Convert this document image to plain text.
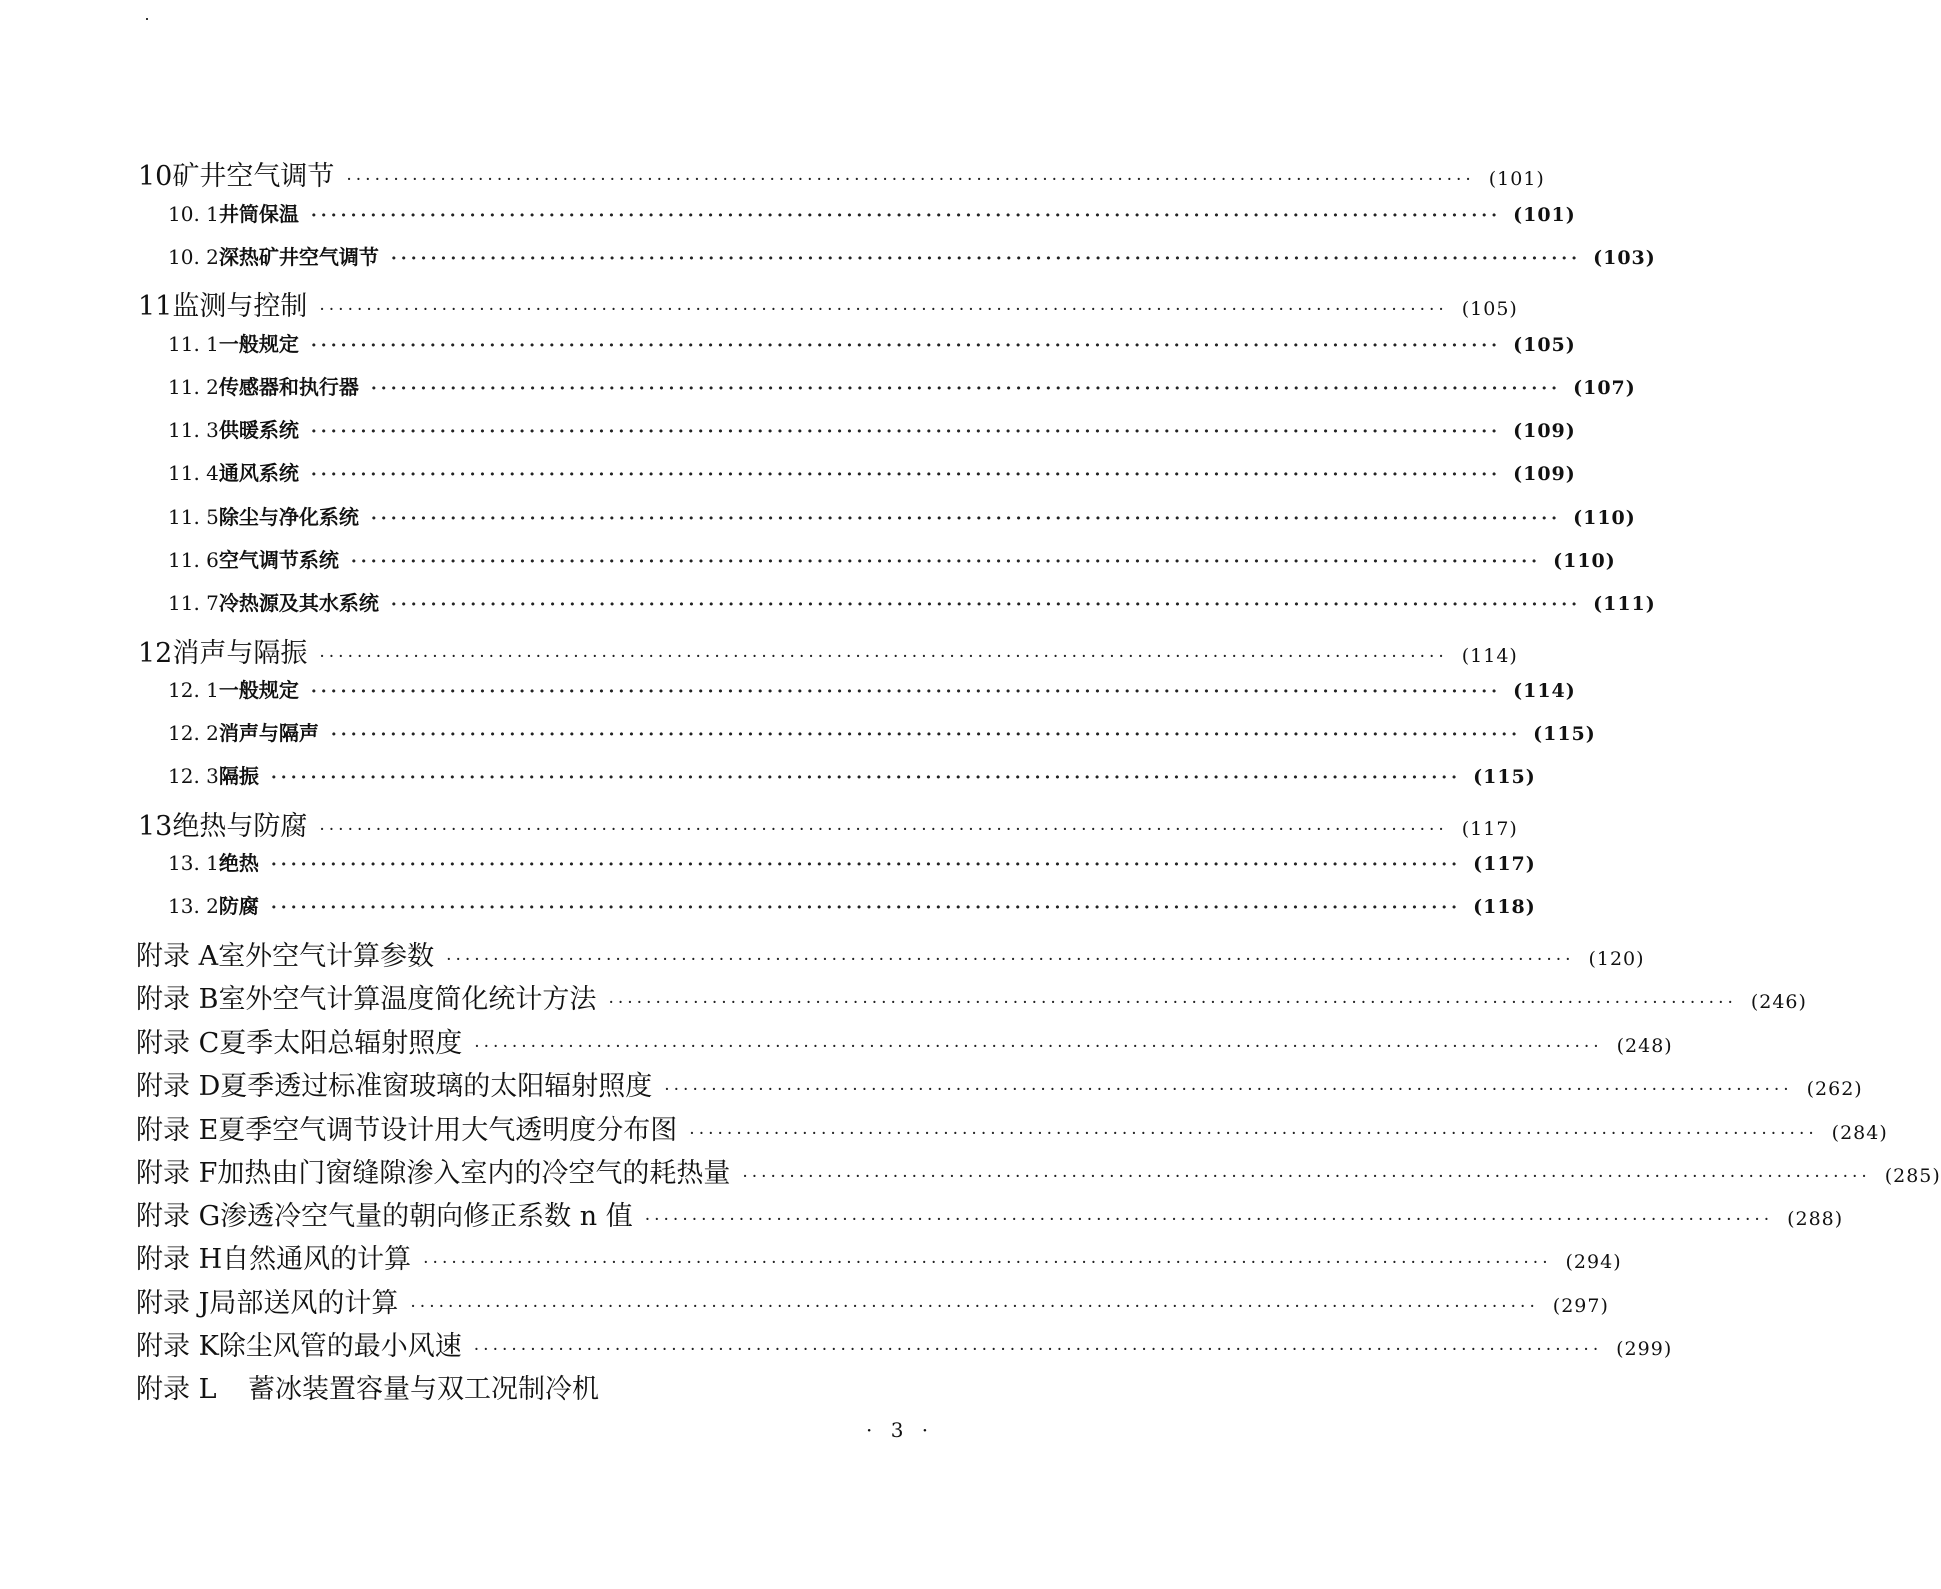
10 矿井空气调节 ························································································································ (101)
10. 1 井筒保温 ························································································································ (101)
10. 2 深热矿井空气调节 ························································································································ (103)
11 监测与控制 ························································································································ (105)
11. 1 一般规定 ························································································································ (105)
11. 2 传感器和执行器 ························································································································ (107)
11. 3 供暖系统 ························································································································ (109)
11. 4 通风系统 ························································································································ (109)
11. 5 除尘与净化系统 ························································································································ (110)
11. 6 空气调节系统 ························································································································ (110)
11. 7 冷热源及其水系统 ························································································································ (111)
12 消声与隔振 ························································································································ (114)
12. 1 一般规定 ························································································································ (114)
12. 2 消声与隔声 ························································································································ (115)
12. 3 隔振 ························································································································ (115)
13 绝热与防腐 ························································································································ (117)
13. 1 绝热 ························································································································ (117)
13. 2 防腐 ························································································································ (118)
附录 A 室外空气计算参数 ························································································································ (120)
附录 B 室外空气计算温度简化统计方法 ························································································································ (246)
附录 C 夏季太阳总辐射照度 ························································································································ (248)
附录 D 夏季透过标准窗玻璃的太阳辐射照度 ························································································································ (262)
附录 E 夏季空气调节设计用大气透明度分布图 ························································································································ (284)
附录 F 加热由门窗缝隙渗入室内的冷空气的耗热量 ························································································································ (285)
附录 G 渗透冷空气量的朝向修正系数 n 值 ························································································································ (288)
附录 H 自然通风的计算 ························································································································ (294)
附录 J 局部送风的计算 ························································································································ (297)
附录 K 除尘风管的最小风速 ························································································································ (299)
附录 L	蓄冰装置容量与双工况制冷机
· 3 ·
